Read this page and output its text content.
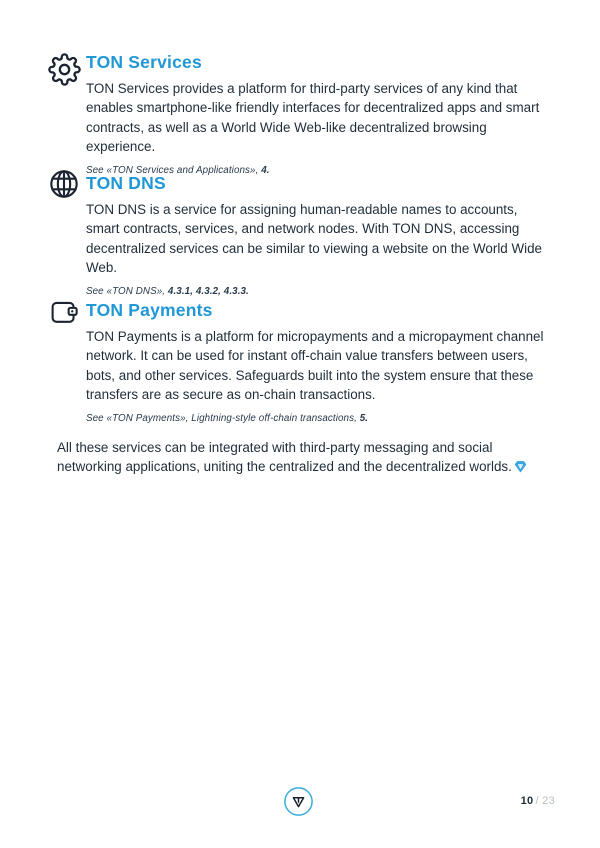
TON Services

TON Services provides a platform for third-party services of any kind that enables smartphone-like friendly interfaces for decentralized apps and smart contracts, as well as a World Wide Web-like decentralized browsing experience.

See «TON Services and Applications», 4.

TON DNS

TON DNS is a service for assigning human-readable names to accounts, smart contracts, services, and network nodes. With TON DNS, accessing decentralized services can be similar to viewing a website on the World Wide Web.

See «TON DNS», 4.3.1, 4.3.2, 4.3.3.

TON Payments

TON Payments is a platform for micropayments and a micropayment channel network. It can be used for instant off-chain value transfers between users, bots, and other services. Safeguards built into the system ensure that these transfers are as secure as on-chain transactions.

See «TON Payments», Lightning-style off-chain transactions, 5.

All these services can be integrated with third-party messaging and social networking applications, uniting the centralized and the decentralized worlds.

10 / 23
